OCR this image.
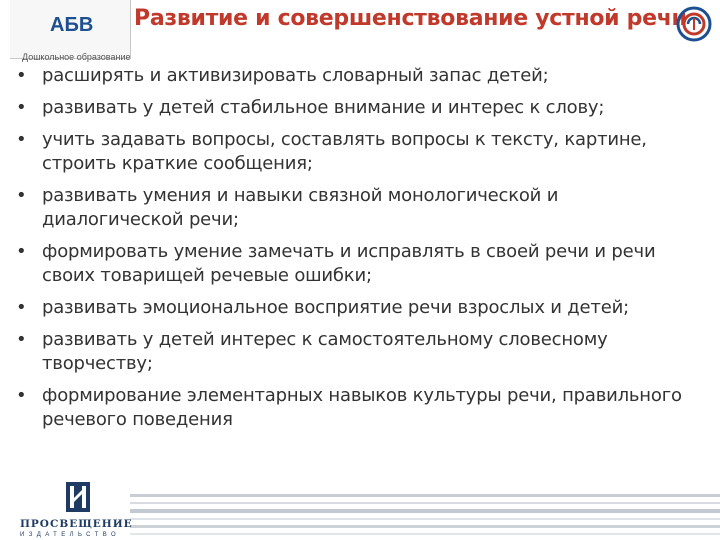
АБВ
Дошкольное образование
Развитие и совершенствование устной речи
• расширять и активизировать словарный запас детей;
• развивать у детей стабильное внимание и интерес к слову;
• учить задавать вопросы, составлять вопросы к тексту, картине, строить краткие сообщения;
• развивать умения и навыки связной монологической и диалогической речи;
• формировать умение замечать и исправлять в своей речи и речи своих товарищей речевые ошибки;
• развивать эмоциональное восприятие речи взрослых и детей;
• развивать у детей интерес к самостоятельному словесному творчеству;
• формирование элементарных навыков культуры речи, правильного речевого поведения
ПРОСВЕЩЕНИЕ
ИЗДАТЕЛЬСТВО
